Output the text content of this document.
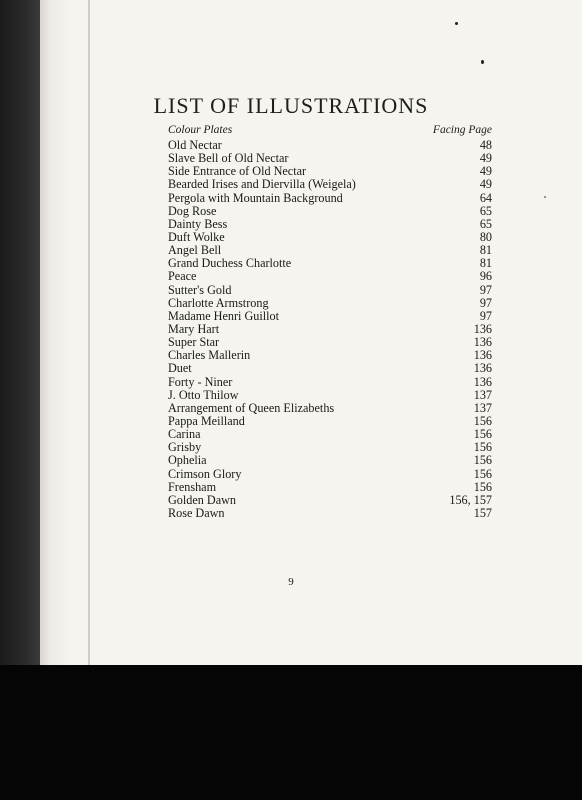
LIST OF ILLUSTRATIONS
Colour Plates	Facing Page
Old Nectar	48
Slave Bell of Old Nectar	49
Side Entrance of Old Nectar	49
Bearded Irises and Diervilla (Weigela)	49
Pergola with Mountain Background	64
Dog Rose	65
Dainty Bess	65
Duft Wolke	80
Angel Bell	81
Grand Duchess Charlotte	81
Peace	96
Sutter's Gold	97
Charlotte Armstrong	97
Madame Henri Guillot	97
Mary Hart	136
Super Star	136
Charles Mallerin	136
Duet	136
Forty - Niner	136
J. Otto Thilow	137
Arrangement of Queen Elizabeths	137
Pappa Meilland	156
Carina	156
Grisby	156
Ophelia	156
Crimson Glory	156
Frensham	156
Golden Dawn	156, 157
Rose Dawn	157
9
